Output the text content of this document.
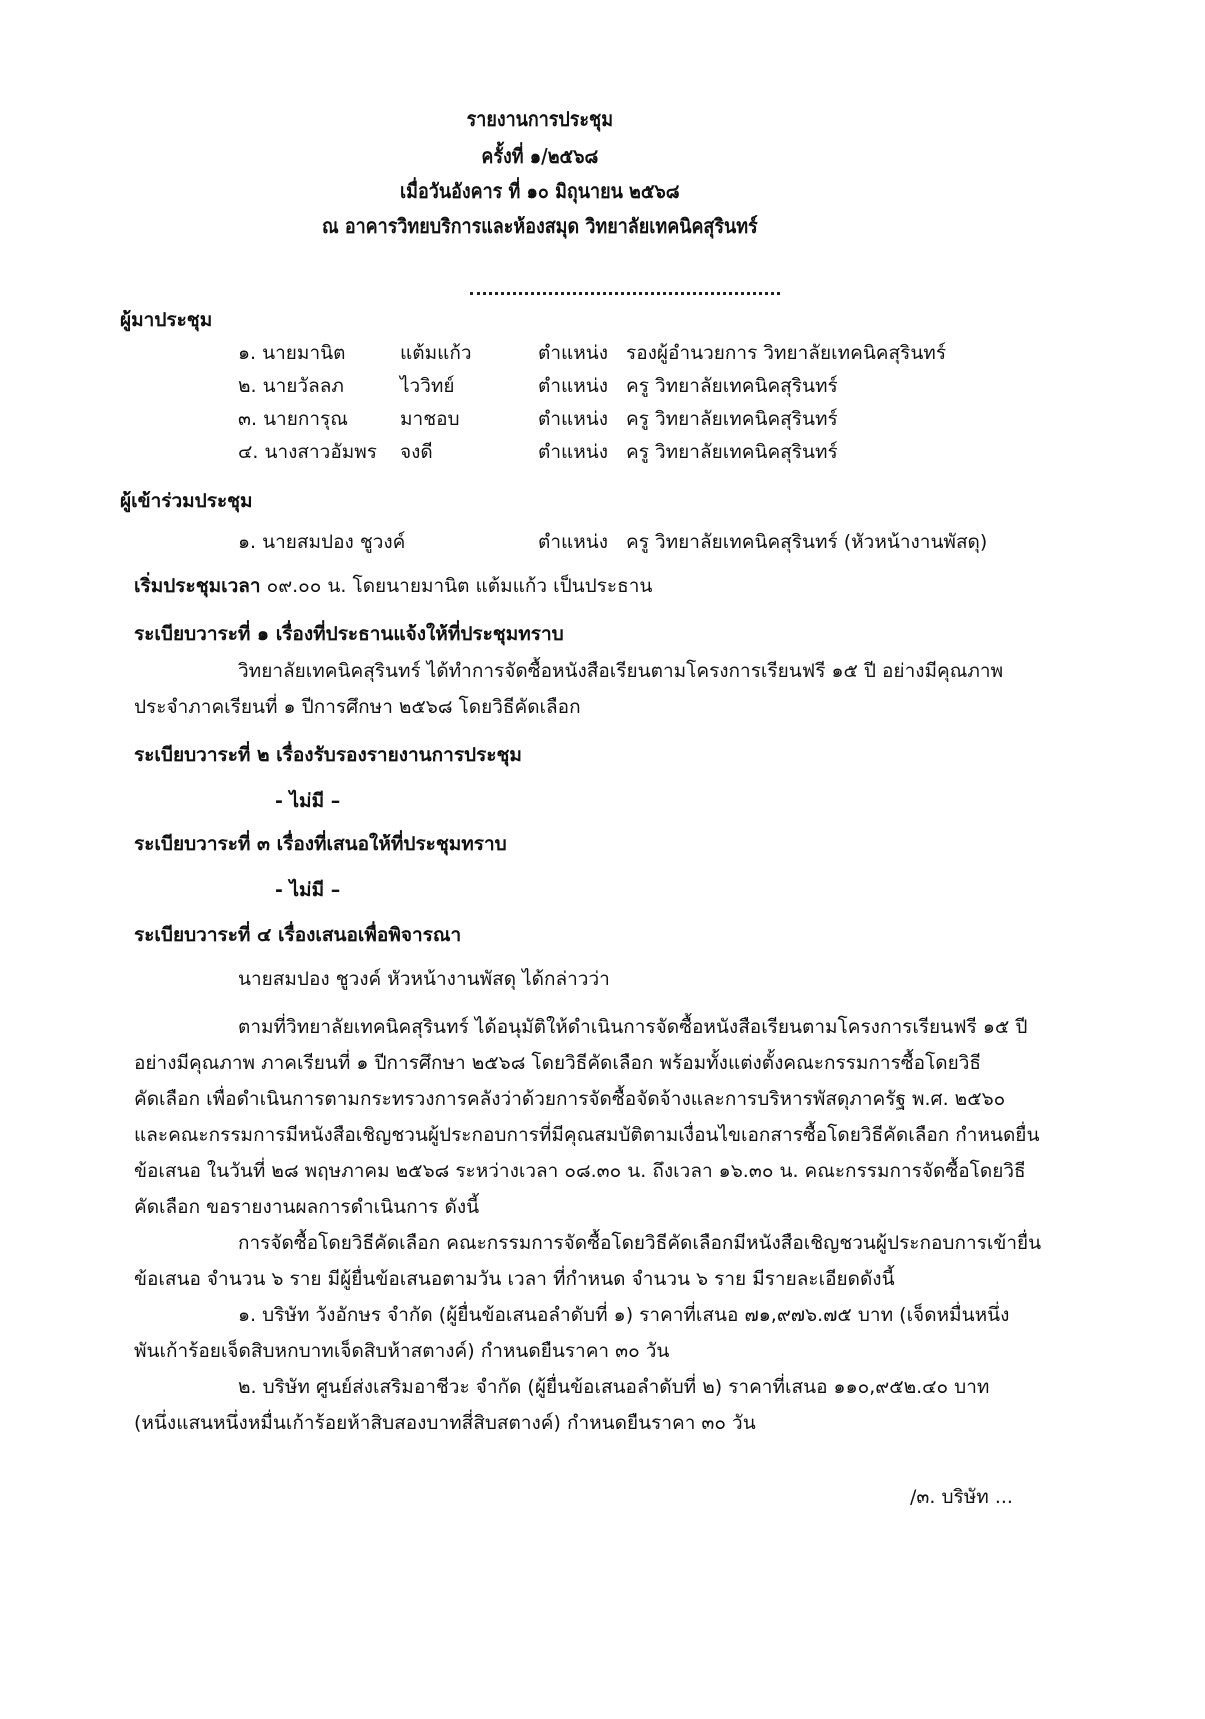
รายงานการประชุม
ครั้งที่ ๑/๒๕๖๘
เมื่อวันอังคาร ที่ ๑๐ มิถุนายน ๒๕๖๘
ณ อาคารวิทยบริการและห้องสมุด วิทยาลัยเทคนิคสุรินทร์
ผู้มาประชุม
๑. นายมานิต	แต้มแก้ว	ตำแหน่ง รองผู้อำนวยการ วิทยาลัยเทคนิคสุรินทร์
๒. นายวัลลภ	ไววิทย์	ตำแหน่ง ครู วิทยาลัยเทคนิคสุรินทร์
๓. นายการุณ	มาชอบ	ตำแหน่ง ครู วิทยาลัยเทคนิคสุรินทร์
๔. นางสาวอัมพร จงดี	ตำแหน่ง ครู วิทยาลัยเทคนิคสุรินทร์
ผู้เข้าร่วมประชุม
๑. นายสมปอง ชูวงค์	ตำแหน่ง ครู วิทยาลัยเทคนิคสุรินทร์ (หัวหน้างานพัสดุ)
เริ่มประชุมเวลา ๐๙.๐๐ น. โดยนายมานิต แต้มแก้ว เป็นประธาน
ระเบียบวาระที่ ๑ เรื่องที่ประธานแจ้งให้ที่ประชุมทราบ
วิทยาลัยเทคนิคสุรินทร์ ได้ทำการจัดซื้อหนังสือเรียนตามโครงการเรียนฟรี ๑๕ ปี อย่างมีคุณภาพ
ประจำภาคเรียนที่ ๑ ปีการศึกษา ๒๕๖๘ โดยวิธีคัดเลือก
ระเบียบวาระที่ ๒ เรื่องรับรองรายงานการประชุม
- ไม่มี –
ระเบียบวาระที่ ๓ เรื่องที่เสนอให้ที่ประชุมทราบ
- ไม่มี –
ระเบียบวาระที่ ๔ เรื่องเสนอเพื่อพิจารณา
นายสมปอง ชูวงค์ หัวหน้างานพัสดุ ได้กล่าวว่า
ตามที่วิทยาลัยเทคนิคสุรินทร์ ได้อนุมัติให้ดำเนินการจัดซื้อหนังสือเรียนตามโครงการเรียนฟรี ๑๕ ปี
อย่างมีคุณภาพ ภาคเรียนที่ ๑ ปีการศึกษา ๒๕๖๘ โดยวิธีคัดเลือก พร้อมทั้งแต่งตั้งคณะกรรมการซื้อโดยวิธี
คัดเลือก เพื่อดำเนินการตามกระทรวงการคลังว่าด้วยการจัดซื้อจัดจ้างและการบริหารพัสดุภาครัฐ พ.ศ. ๒๕๖๐
และคณะกรรมการมีหนังสือเชิญชวนผู้ประกอบการที่มีคุณสมบัติตามเงื่อนไขเอกสารซื้อโดยวิธีคัดเลือก กำหนดยื่น
ข้อเสนอ ในวันที่ ๒๘ พฤษภาคม ๒๕๖๘ ระหว่างเวลา ๐๘.๓๐ น. ถึงเวลา ๑๖.๓๐ น. คณะกรรมการจัดซื้อโดยวิธี
คัดเลือก ขอรายงานผลการดำเนินการ ดังนี้
การจัดซื้อโดยวิธีคัดเลือก คณะกรรมการจัดซื้อโดยวิธีคัดเลือกมีหนังสือเชิญชวนผู้ประกอบการเข้ายื่น
ข้อเสนอ จำนวน ๖ ราย มีผู้ยื่นข้อเสนอตามวัน เวลา ที่กำหนด จำนวน ๖ ราย มีรายละเอียดดังนี้
๑. บริษัท วังอักษร จำกัด (ผู้ยื่นข้อเสนอลำดับที่ ๑) ราคาที่เสนอ ๗๑,๙๗๖.๗๕ บาท (เจ็ดหมื่นหนึ่ง
พันเก้าร้อยเจ็ดสิบหกบาทเจ็ดสิบห้าสตางค์) กำหนดยืนราคา ๓๐ วัน
๒. บริษัท ศูนย์ส่งเสริมอาชีวะ จำกัด (ผู้ยื่นข้อเสนอลำดับที่ ๒) ราคาที่เสนอ ๑๑๐,๙๕๒.๔๐ บาท
(หนึ่งแสนหนึ่งหมื่นเก้าร้อยห้าสิบสองบาทสี่สิบสตางค์) กำหนดยืนราคา ๓๐ วัน
/๓. บริษัท ...
